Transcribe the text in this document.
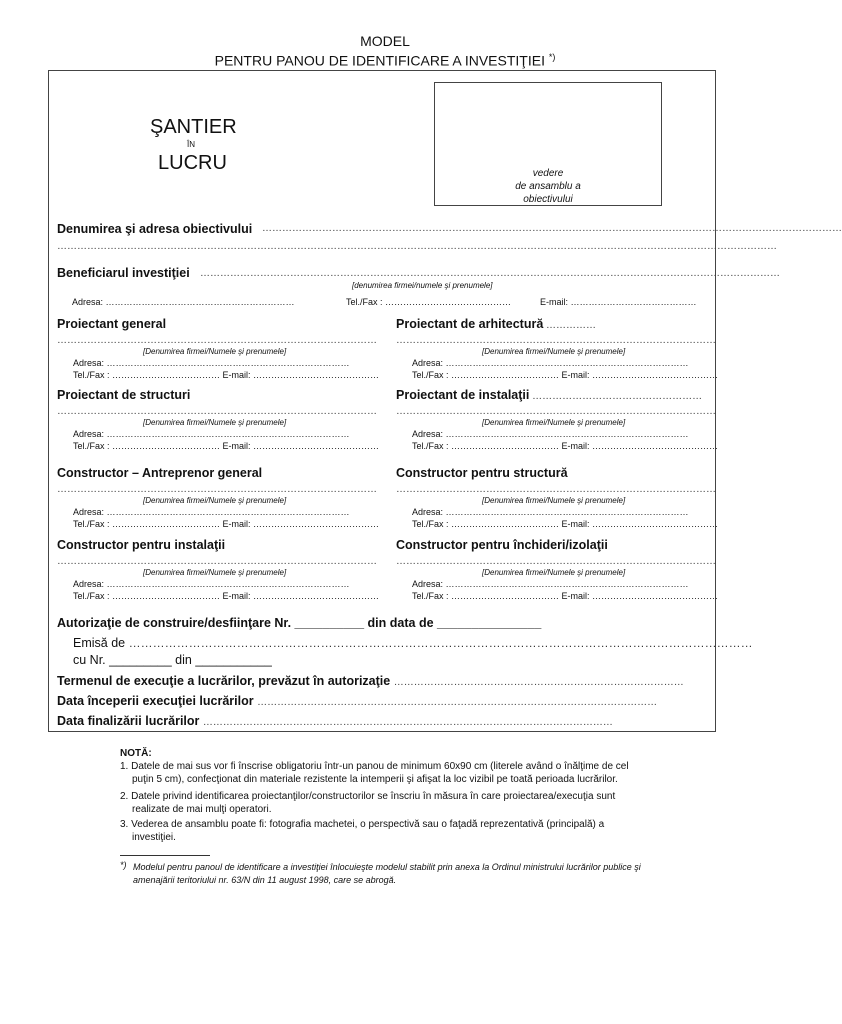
MODEL
PENTRU PANOU DE IDENTIFICARE A INVESTIŢIEI *)
ŞANTIER
ÎN
LUCRU	vedere
de ansamblu a
obiectivului
Denumirea şi adresa obiectivului …………………………………………………………………………………………………………………………………………………………
………………………………………………………………………………………………………………………………………………………………………………………………
Beneficiarul investiţiei …………………………………………………………………………………………………………………………………………………………
[denumirea firmei/numele şi prenumele]
Adresa: ………………………………………………………	Tel./Fax : ……………………………………	E-mail: ……………………………………
Proiectant general
……………………………………………………………………………………
[Denumirea firmei/Numele şi prenumele]
Adresa: ………………………………………………………………………
Tel./Fax : ……………………………… E-mail: ……………………………………
Proiectant de arhitectură ……………
……………………………………………………………………………………
[Denumirea firmei/Numele şi prenumele]
Adresa: ………………………………………………………………………
Tel./Fax : ……………………………… E-mail: ……………………………………
Proiectant de structuri
……………………………………………………………………………………
[Denumirea firmei/Numele şi prenumele]
Adresa: ………………………………………………………………………
Tel./Fax : ……………………………… E-mail: ……………………………………
Proiectant de instalaţii ……………………………………………
……………………………………………………………………………………
[Denumirea firmei/Numele şi prenumele]
Adresa: ………………………………………………………………………
Tel./Fax : ……………………………… E-mail: ……………………………………
Constructor – Antreprenor general
……………………………………………………………………………………
[Denumirea firmei/Numele şi prenumele]
Adresa: ………………………………………………………………………
Tel./Fax : ……………………………… E-mail: ……………………………………
Constructor pentru structură
……………………………………………………………………………………
[Denumirea firmei/Numele şi prenumele]
Adresa: ………………………………………………………………………
Tel./Fax : ……………………………… E-mail: ……………………………………
Constructor pentru instalaţii
……………………………………………………………………………………
[Denumirea firmei/Numele şi prenumele]
Adresa: ………………………………………………………………………
Tel./Fax : ……………………………… E-mail: ……………………………………
Constructor pentru închideri/izolaţii
……………………………………………………………………………………
[Denumirea firmei/Numele şi prenumele]
Adresa: ………………………………………………………………………
Tel./Fax : ……………………………… E-mail: ……………………………………
Autorizaţie de construire/desfiinţare Nr. __________ din data de _______________
Emisă de …………………………………………………………………………………………………………………………………………
cu Nr. _________ din ___________
Termenul de execuţie a lucrărilor, prevăzut în autorizaţie ……………………………………………………………………………
Data începerii execuţiei lucrărilor …………………………………………………………………………………………………………
Data finalizării lucrărilor ……………………………………………………………………………………………………………
NOTĂ:
1. Datele de mai sus vor fi înscrise obligatoriu într-un panou de minimum 60x90 cm (literele având o înălţime de cel
puţin 5 cm), confecţionat din materiale rezistente la intemperii şi afişat la loc vizibil pe toată perioada lucrărilor.
2. Datele privind identificarea proiectanţilor/constructorilor se înscriu în măsura în care proiectarea/execuţia sunt
realizate de mai mulţi operatori.
3. Vederea de ansamblu poate fi: fotografia machetei, o perspectivă sau o faţadă reprezentativă (principală) a
investiţiei.
*) Modelul pentru panoul de identificare a investiţiei înlocuieşte modelul stabilit prin anexa la Ordinul ministrului lucrărilor publice şi
amenajării teritoriului nr. 63/N din 11 august 1998, care se abrogă.
